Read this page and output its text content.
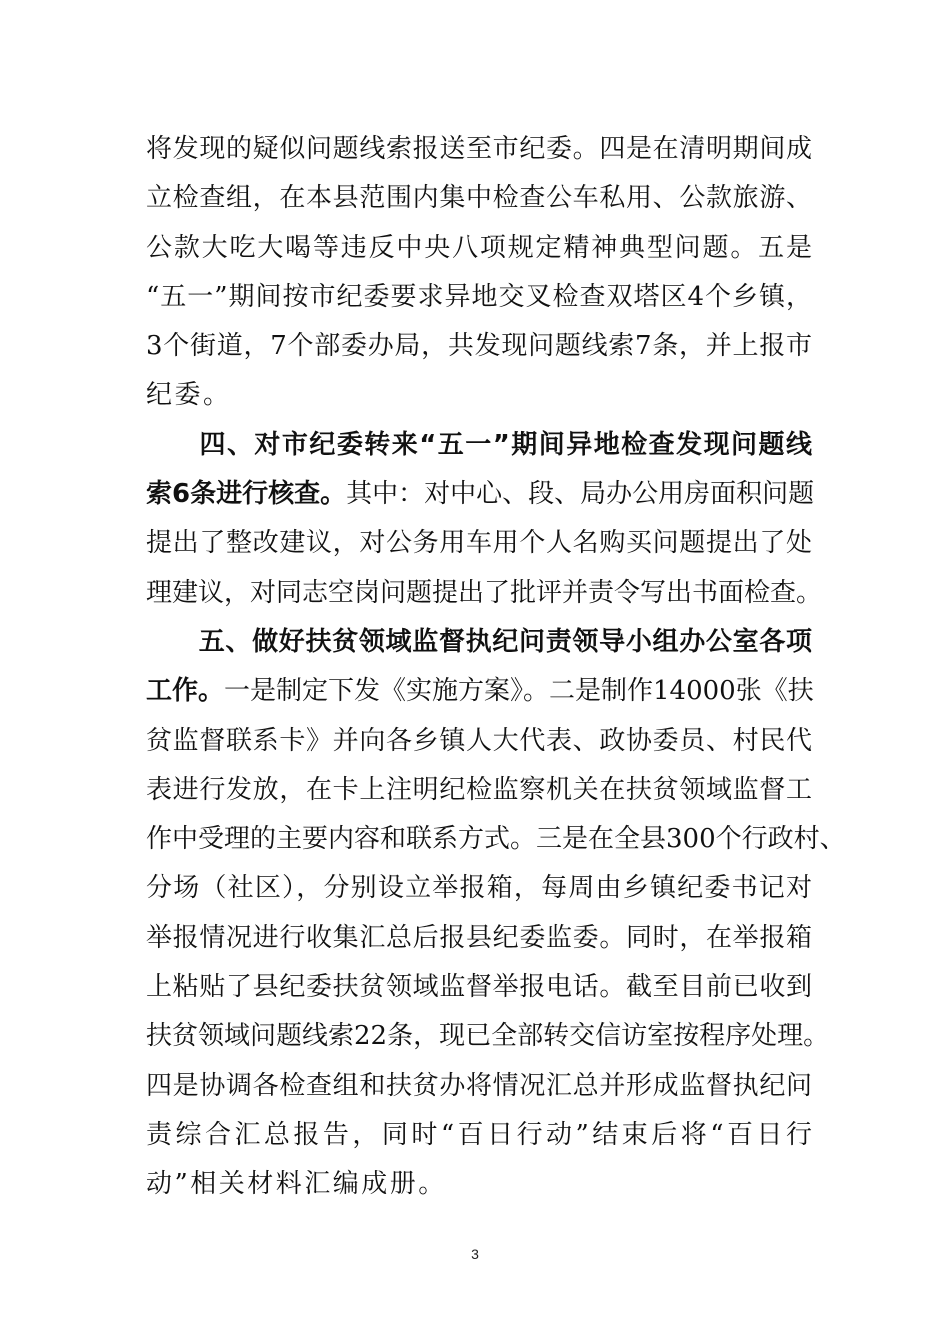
将发现的疑似问题线索报送至市纪委。四是在清明期间成
立检查组，在本县范围内集中检查公车私用、公款旅游、
公款大吃大喝等违反中央八项规定精神典型问题。五是
“五一”期间按市纪委要求异地交叉检查双塔区4个乡镇，
3个街道，7个部委办局，共发现问题线索7条，并上报市
纪委。
四、对市纪委转来“五一”期间异地检查发现问题线
索6条进行核查。其中：对中心、段、局办公用房面积问题
提出了整改建议，对公务用车用个人名购买问题提出了处
理建议，对同志空岗问题提出了批评并责令写出书面检查。
五、做好扶贫领域监督执纪问责领导小组办公室各项
工作。一是制定下发《实施方案》。二是制作14000张《扶
贫监督联系卡》并向各乡镇人大代表、政协委员、村民代
表进行发放，在卡上注明纪检监察机关在扶贫领域监督工
作中受理的主要内容和联系方式。三是在全县300个行政村、
分场（社区），分别设立举报箱，每周由乡镇纪委书记对
举报情况进行收集汇总后报县纪委监委。同时，在举报箱
上粘贴了县纪委扶贫领域监督举报电话。截至目前已收到
扶贫领域问题线索22条，现已全部转交信访室按程序处理。
四是协调各检查组和扶贫办将情况汇总并形成监督执纪问
责综合汇总报告，同时“百日行动”结束后将“百日行
动”相关材料汇编成册。
3
